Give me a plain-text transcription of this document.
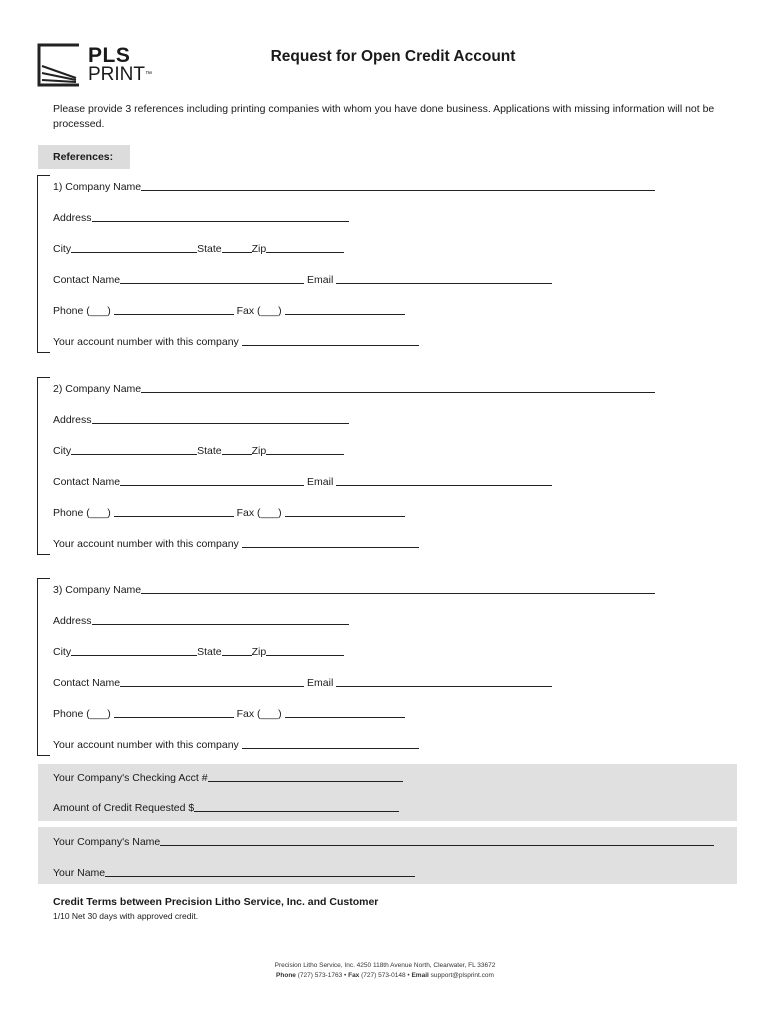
PLS
PRINT™
Request for Open Credit Account
Please provide 3 references including printing companies with whom you have done business. Applications with missing information will not be processed.
References:
1) Company Name
Address
City	State	Zip
Contact Name	Email
Phone (___)	Fax (___)
Your account number with this company
2) Company Name
Address
City	State	Zip
Contact Name	Email
Phone (___)	Fax (___)
Your account number with this company
3) Company Name
Address
City	State	Zip
Contact Name	Email
Phone (___)	Fax (___)
Your account number with this company
Your Company's Checking Acct #
Amount of Credit Requested $
Your Company's Name
Your Name
Credit Terms between Precision Litho Service, Inc. and Customer
1/10 Net 30 days with approved credit.
Precision Litho Service, Inc. 4250 118th Avenue North, Clearwater, FL 33672
Phone (727) 573-1763 • Fax (727) 573-0148 • Email support@plsprint.com
